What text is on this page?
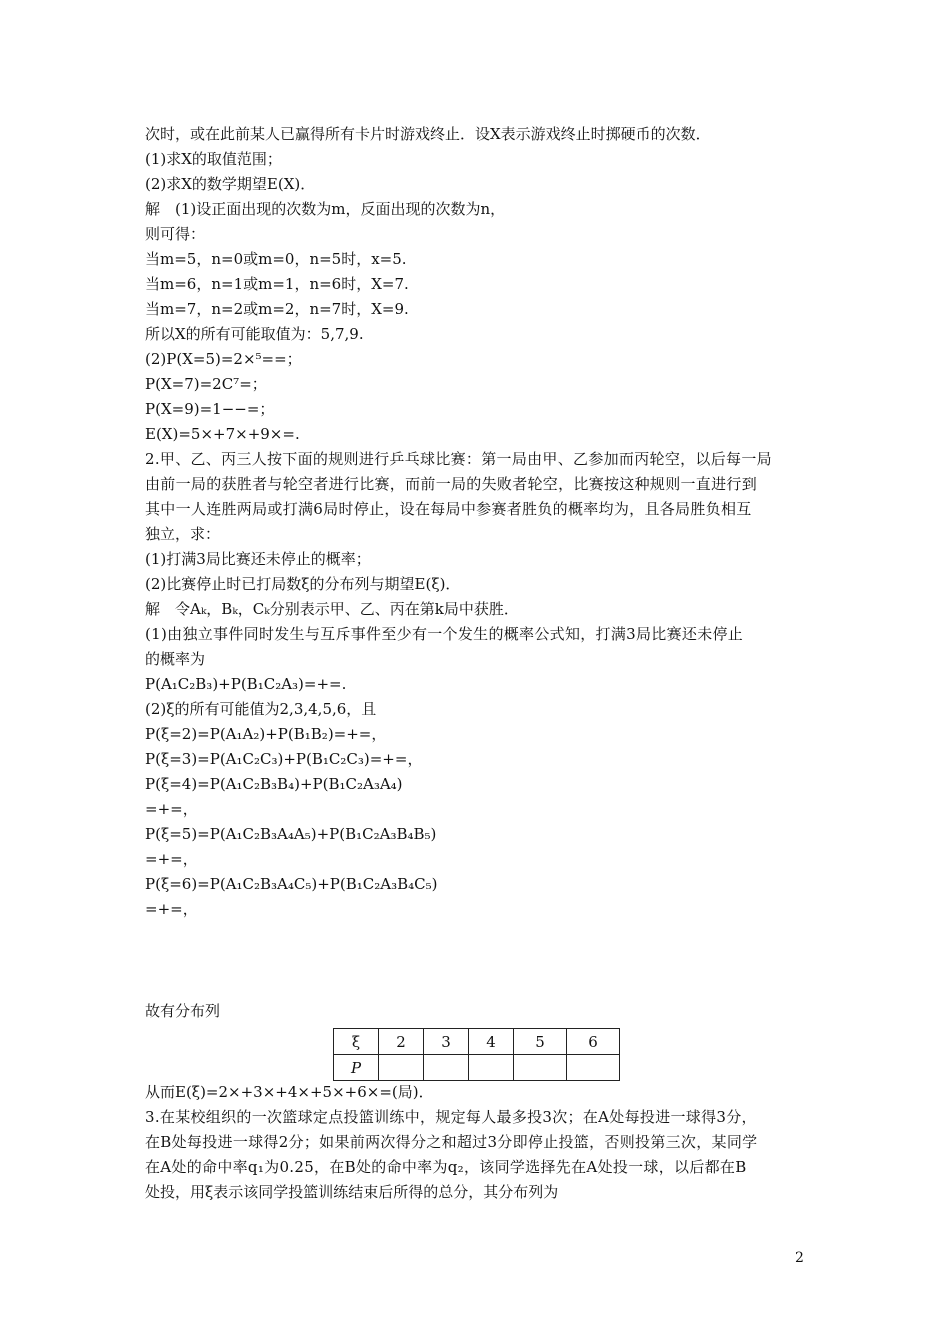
次时，或在此前某人已赢得所有卡片时游戏终止．设X表示游戏终止时掷硬币的次数．
(1)求X的取值范围；
(2)求X的数学期望E(X)．
解　(1)设正面出现的次数为m，反面出现的次数为n，
则可得：
当m=5，n=0或m=0，n=5时，x=5.
当m=6，n=1或m=1，n=6时，X=7.
当m=7，n=2或m=2，n=7时，X=9.
所以X的所有可能取值为：5,7,9.
(2)P(X=5)=2×⁵==；
P(X=7)=2C⁷=；
P(X=9)=1−−=；
E(X)=5×+7×+9×=.
2.甲、乙、丙三人按下面的规则进行乒乓球比赛：第一局由甲、乙参加而丙轮空，以后每一局
由前一局的获胜者与轮空者进行比赛，而前一局的失败者轮空，比赛按这种规则一直进行到
其中一人连胜两局或打满6局时停止，设在每局中参赛者胜负的概率均为，且各局胜负相互
独立，求：
(1)打满3局比赛还未停止的概率；
(2)比赛停止时已打局数ξ的分布列与期望E(ξ)．
解　令Aₖ，Bₖ，Cₖ分别表示甲、乙、丙在第k局中获胜．
(1)由独立事件同时发生与互斥事件至少有一个发生的概率公式知，打满3局比赛还未停止
的概率为
P(A₁C₂B₃)+P(B₁C₂A₃)=+=.
(2)ξ的所有可能值为2,3,4,5,6，且
P(ξ=2)=P(A₁A₂)+P(B₁B₂)=+=，
P(ξ=3)=P(A₁C₂C₃)+P(B₁C₂C₃)=+=，
P(ξ=4)=P(A₁C₂B₃B₄)+P(B₁C₂A₃A₄)
=+=，
P(ξ=5)=P(A₁C₂B₃A₄A₅)+P(B₁C₂A₃B₄B₅)
=+=，
P(ξ=6)=P(A₁C₂B₃A₄C₅)+P(B₁C₂A₃B₄C₅)
=+=，
故有分布列
ξ	2	3	4	5	6
P					
从而E(ξ)=2×+3×+4×+5×+6×=(局)．
3.在某校组织的一次篮球定点投篮训练中，规定每人最多投3次；在A处每投进一球得3分，
在B处每投进一球得2分；如果前两次得分之和超过3分即停止投篮，否则投第三次，某同学
在A处的命中率q₁为0.25，在B处的命中率为q₂，该同学选择先在A处投一球，以后都在B
处投，用ξ表示该同学投篮训练结束后所得的总分，其分布列为
2
